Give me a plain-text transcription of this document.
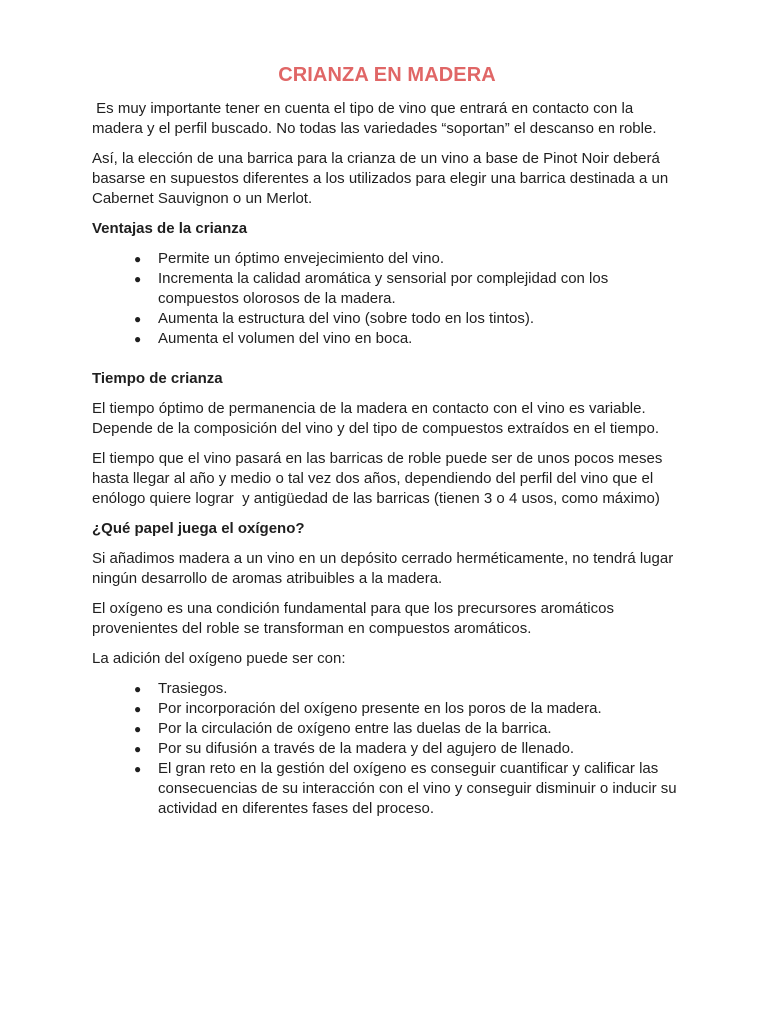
CRIANZA EN MADERA

Es muy importante tener en cuenta el tipo de vino que entrará en contacto con la madera y el perfil buscado. No todas las variedades “soportan” el descanso en roble.

Así, la elección de una barrica para la crianza de un vino a base de Pinot Noir deberá basarse en supuestos diferentes a los utilizados para elegir una barrica destinada a un Cabernet Sauvignon o un Merlot.

Ventajas de la crianza
● Permite un óptimo envejecimiento del vino.
● Incrementa la calidad aromática y sensorial por complejidad con los compuestos olorosos de la madera.
● Aumenta la estructura del vino (sobre todo en los tintos).
● Aumenta el volumen del vino en boca.
Tiempo de crianza

El tiempo óptimo de permanencia de la madera en contacto con el vino es variable. Depende de la composición del vino y del tipo de compuestos extraídos en el tiempo.

El tiempo que el vino pasará en las barricas de roble puede ser de unos pocos meses hasta llegar al año y medio o tal vez dos años, dependiendo del perfil del vino que el enólogo quiere lograr  y antigüedad de las barricas (tienen 3 o 4 usos, como máximo)

¿Qué papel juega el oxígeno?

Si añadimos madera a un vino en un depósito cerrado herméticamente, no tendrá lugar ningún desarrollo de aromas atribuibles a la madera.

El oxígeno es una condición fundamental para que los precursores aromáticos provenientes del roble se transforman en compuestos aromáticos.

La adición del oxígeno puede ser con:

● Trasiegos.
● Por incorporación del oxígeno presente en los poros de la madera.
● Por la circulación de oxígeno entre las duelas de la barrica.
● Por su difusión a través de la madera y del agujero de llenado.
● El gran reto en la gestión del oxígeno es conseguir cuantificar y calificar las consecuencias de su interacción con el vino y conseguir disminuir o inducir su actividad en diferentes fases del proceso.
